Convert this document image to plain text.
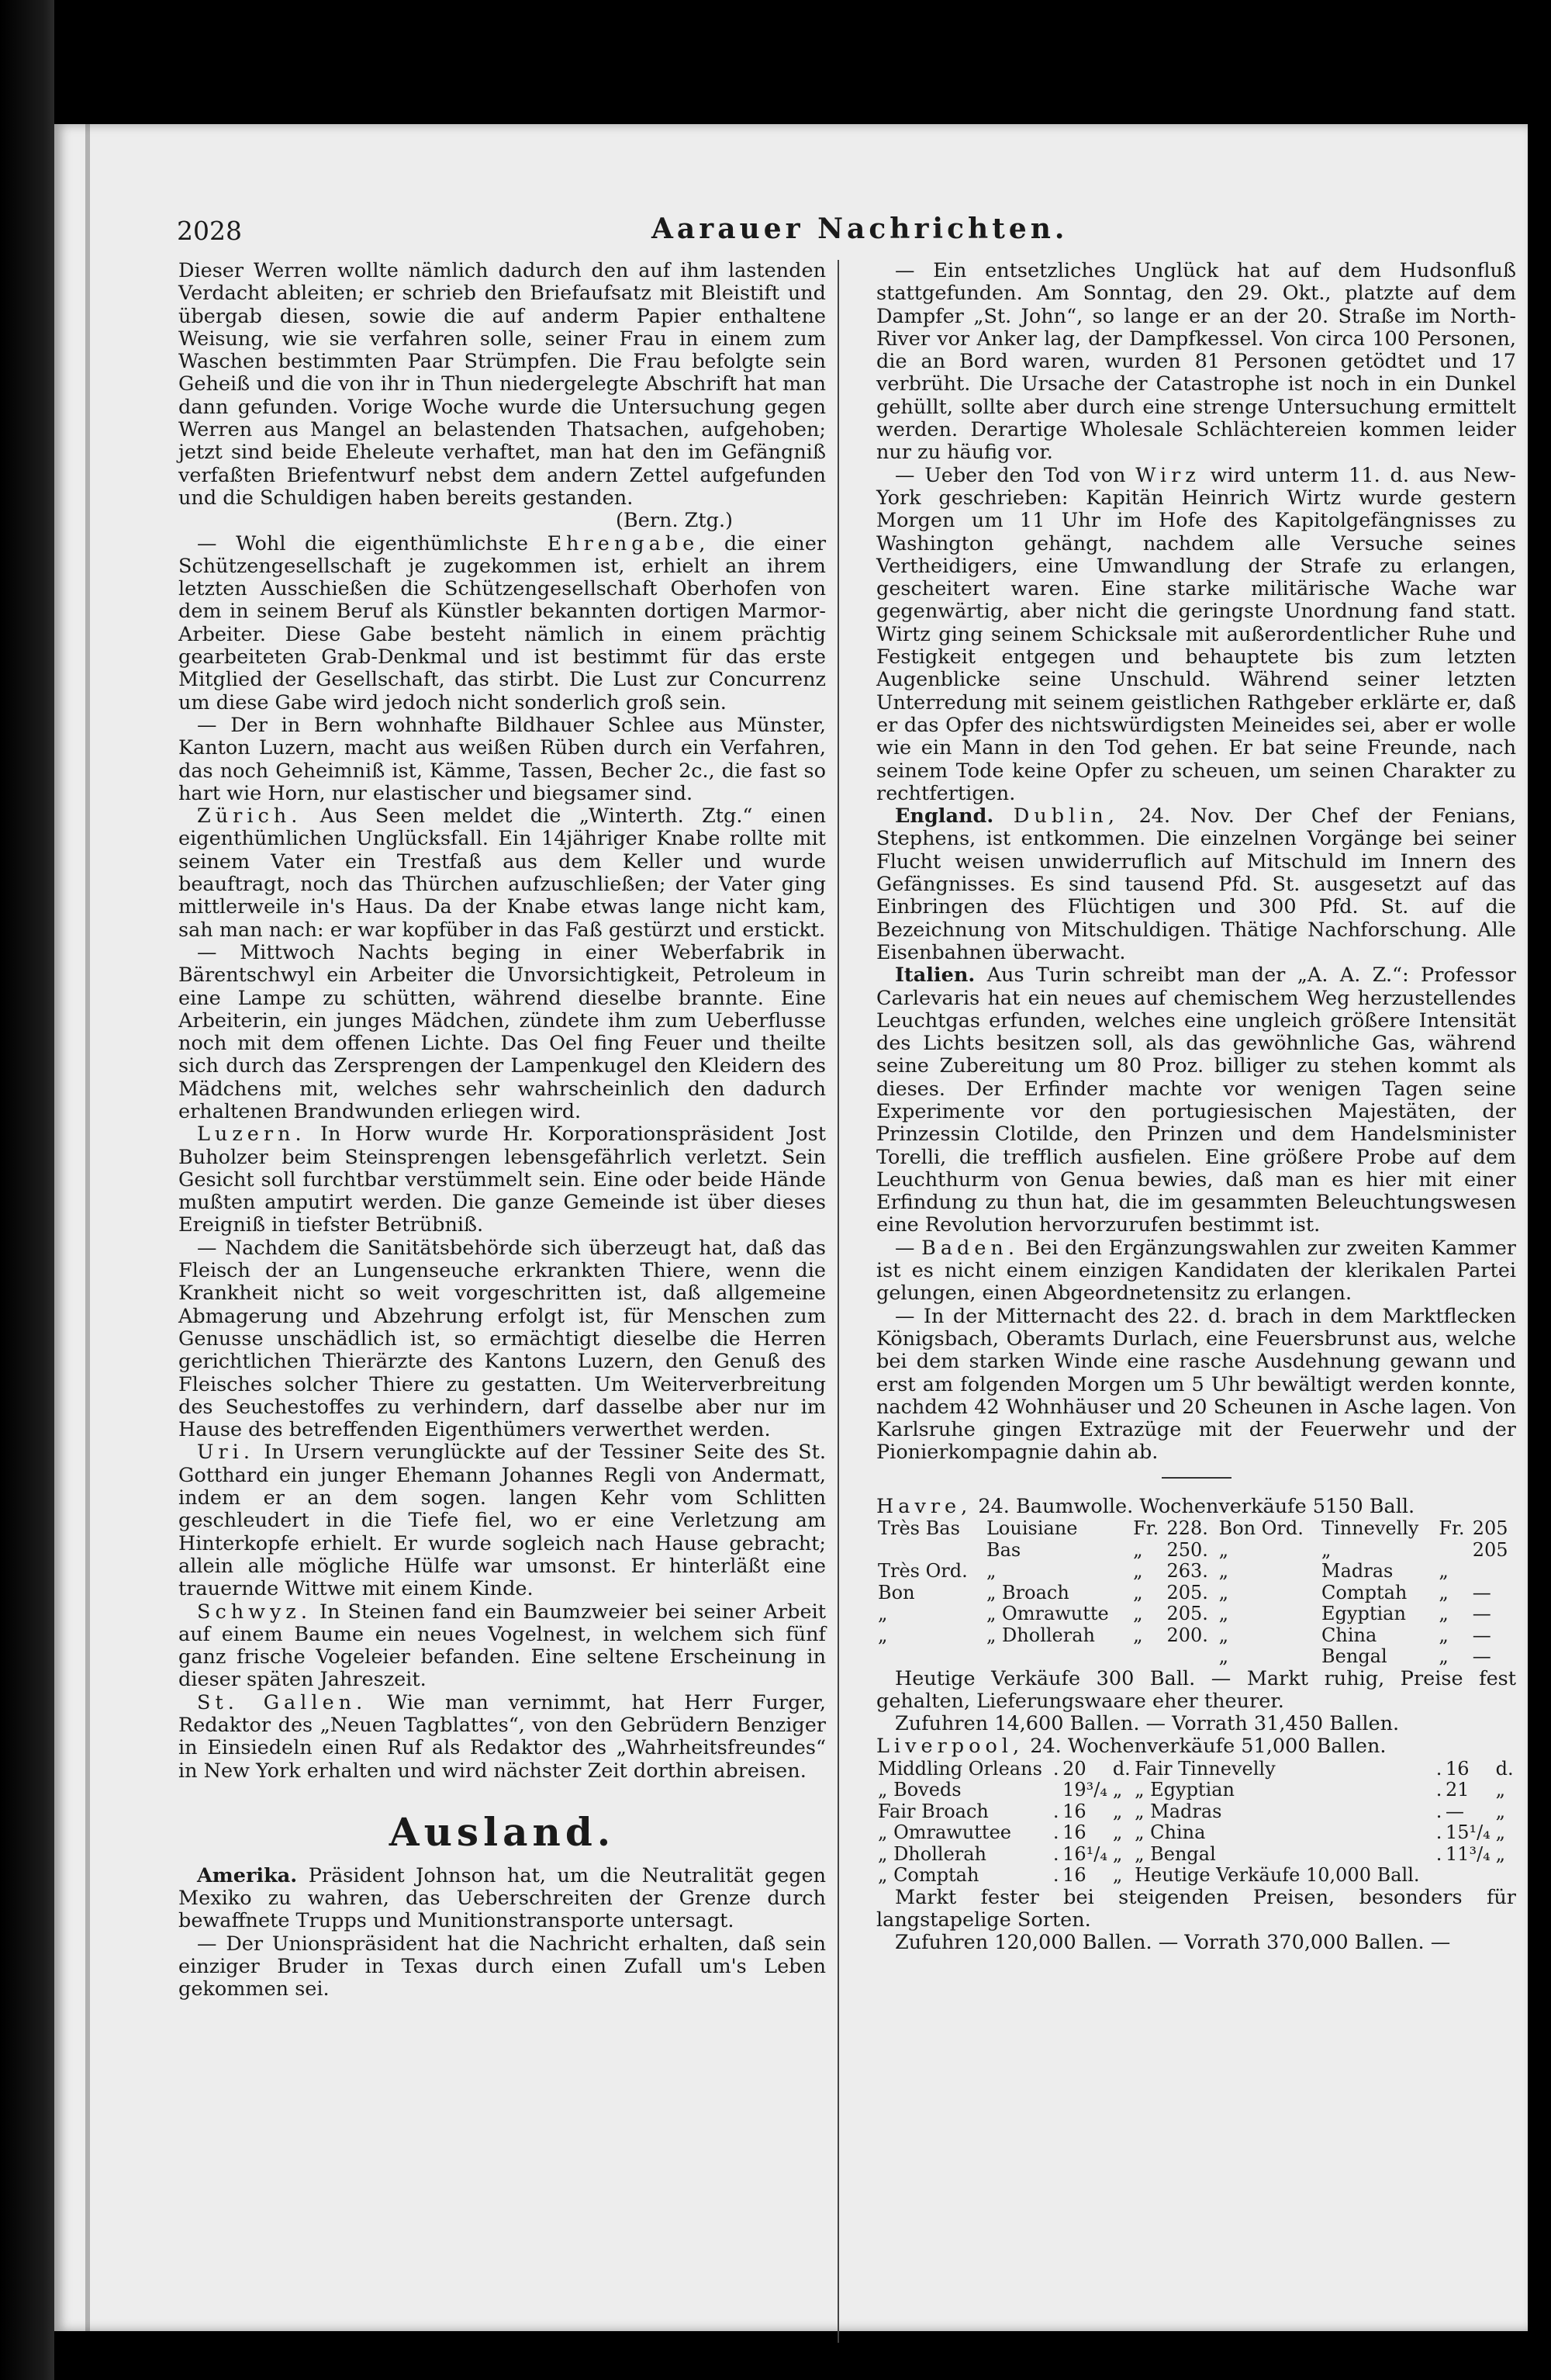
2028	Aarauer Nachrichten.

Dieser Werren wollte nämlich dadurch den auf ihm lastenden Verdacht ableiten; er schrieb den Briefaufsatz mit Bleistift und übergab diesen, sowie die auf anderm Papier enthaltene Weisung, wie sie verfahren solle, seiner Frau in einem zum Waschen bestimmten Paar Strümpfen. Die Frau befolgte sein Geheiß und die von ihr in Thun niedergelegte Abschrift hat man dann gefunden. Vorige Woche wurde die Untersuchung gegen Werren aus Mangel an belastenden Thatsachen, aufgehoben; jetzt sind beide Eheleute verhaftet, man hat den im Gefängniß verfaßten Briefentwurf nebst dem andern Zettel aufgefunden und die Schuldigen haben bereits gestanden.

(Bern. Ztg.)

— Wohl die eigenthümlichste Ehrengabe, die einer Schützengesellschaft je zugekommen ist, erhielt an ihrem letzten Ausschießen die Schützengesellschaft Oberhofen von dem in seinem Beruf als Künstler bekannten dortigen Marmor-Arbeiter. Diese Gabe besteht nämlich in einem prächtig gearbeiteten Grab-Denkmal und ist bestimmt für das erste Mitglied der Gesellschaft, das stirbt. Die Lust zur Concurrenz um diese Gabe wird jedoch nicht sonderlich groß sein.

— Der in Bern wohnhafte Bildhauer Schlee aus Münster, Kanton Luzern, macht aus weißen Rüben durch ein Verfahren, das noch Geheimniß ist, Kämme, Tassen, Becher 2c., die fast so hart wie Horn, nur elastischer und biegsamer sind.

Zürich. Aus Seen meldet die „Winterth. Ztg.“ einen eigenthümlichen Unglücksfall. Ein 14jähriger Knabe rollte mit seinem Vater ein Trestfaß aus dem Keller und wurde beauftragt, noch das Thürchen aufzuschließen; der Vater ging mittlerweile in's Haus. Da der Knabe etwas lange nicht kam, sah man nach: er war kopfüber in das Faß gestürzt und erstickt.

— Mittwoch Nachts beging in einer Weberfabrik in Bärentschwyl ein Arbeiter die Unvorsichtigkeit, Petroleum in eine Lampe zu schütten, während dieselbe brannte. Eine Arbeiterin, ein junges Mädchen, zündete ihm zum Ueberflusse noch mit dem offenen Lichte. Das Oel fing Feuer und theilte sich durch das Zersprengen der Lampenkugel den Kleidern des Mädchens mit, welches sehr wahrscheinlich den dadurch erhaltenen Brandwunden erliegen wird.

Luzern. In Horw wurde Hr. Korporationspräsident Jost Buholzer beim Steinsprengen lebensgefährlich verletzt. Sein Gesicht soll furchtbar verstümmelt sein. Eine oder beide Hände mußten amputirt werden. Die ganze Gemeinde ist über dieses Ereigniß in tiefster Betrübniß.

— Nachdem die Sanitätsbehörde sich überzeugt hat, daß das Fleisch der an Lungenseuche erkrankten Thiere, wenn die Krankheit nicht so weit vorgeschritten ist, daß allgemeine Abmagerung und Abzehrung erfolgt ist, für Menschen zum Genusse unschädlich ist, so ermächtigt dieselbe die Herren gerichtlichen Thierärzte des Kantons Luzern, den Genuß des Fleisches solcher Thiere zu gestatten. Um Weiterverbreitung des Seuchestoffes zu verhindern, darf dasselbe aber nur im Hause des betreffenden Eigenthümers verwerthet werden.

Uri. In Ursern verunglückte auf der Tessiner Seite des St. Gotthard ein junger Ehemann Johannes Regli von Andermatt, indem er an dem sogen. langen Kehr vom Schlitten geschleudert in die Tiefe fiel, wo er eine Verletzung am Hinterkopfe erhielt. Er wurde sogleich nach Hause gebracht; allein alle mögliche Hülfe war umsonst. Er hinterläßt eine trauernde Wittwe mit einem Kinde.

Schwyz. In Steinen fand ein Baumzweier bei seiner Arbeit auf einem Baume ein neues Vogelnest, in welchem sich fünf ganz frische Vogeleier befanden. Eine seltene Erscheinung in dieser späten Jahreszeit.

St. Gallen. Wie man vernimmt, hat Herr Furger, Redaktor des „Neuen Tagblattes“, von den Gebrüdern Benziger in Einsiedeln einen Ruf als Redaktor des „Wahrheitsfreundes“ in New York erhalten und wird nächster Zeit dorthin abreisen.

Ausland.

Amerika. Präsident Johnson hat, um die Neutralität gegen Mexiko zu wahren, das Ueberschreiten der Grenze durch bewaffnete Trupps und Munitionstransporte untersagt.

— Der Unionspräsident hat die Nachricht erhalten, daß sein einziger Bruder in Texas durch einen Zufall um's Leben gekommen sei.

— Ein entsetzliches Unglück hat auf dem Hudsonfluß stattgefunden. Am Sonntag, den 29. Okt., platzte auf dem Dampfer „St. John“, so lange er an der 20. Straße im North-River vor Anker lag, der Dampfkessel. Von circa 100 Personen, die an Bord waren, wurden 81 Personen getödtet und 17 verbrüht. Die Ursache der Catastrophe ist noch in ein Dunkel gehüllt, sollte aber durch eine strenge Untersuchung ermittelt werden. Derartige Wholesale Schlächtereien kommen leider nur zu häufig vor.

— Ueber den Tod von Wirz wird unterm 11. d. aus New-York geschrieben: Kapitän Heinrich Wirtz wurde gestern Morgen um 11 Uhr im Hofe des Kapitolgefängnisses zu Washington gehängt, nachdem alle Versuche seines Vertheidigers, eine Umwandlung der Strafe zu erlangen, gescheitert waren. Eine starke militärische Wache war gegenwärtig, aber nicht die geringste Unordnung fand statt. Wirtz ging seinem Schicksale mit außerordentlicher Ruhe und Festigkeit entgegen und behauptete bis zum letzten Augenblicke seine Unschuld. Während seiner letzten Unterredung mit seinem geistlichen Rathgeber erklärte er, daß er das Opfer des nichtswürdigsten Meineides sei, aber er wolle wie ein Mann in den Tod gehen. Er bat seine Freunde, nach seinem Tode keine Opfer zu scheuen, um seinen Charakter zu rechtfertigen.

England. Dublin, 24. Nov. Der Chef der Fenians, Stephens, ist entkommen. Die einzelnen Vorgänge bei seiner Flucht weisen unwiderruflich auf Mitschuld im Innern des Gefängnisses. Es sind tausend Pfd. St. ausgesetzt auf das Einbringen des Flüchtigen und 300 Pfd. St. auf die Bezeichnung von Mitschuldigen. Thätige Nachforschung. Alle Eisenbahnen überwacht.

Italien. Aus Turin schreibt man der „A. A. Z.“: Professor Carlevaris hat ein neues auf chemischem Weg herzustellendes Leuchtgas erfunden, welches eine ungleich größere Intensität des Lichts besitzen soll, als das gewöhnliche Gas, während seine Zubereitung um 80 Proz. billiger zu stehen kommt als dieses. Der Erfinder machte vor wenigen Tagen seine Experimente vor den portugiesischen Majestäten, der Prinzessin Clotilde, den Prinzen und dem Handelsminister Torelli, die trefflich ausfielen. Eine größere Probe auf dem Leuchthurm von Genua bewies, daß man es hier mit einer Erfindung zu thun hat, die im gesammten Beleuchtungswesen eine Revolution hervorzurufen bestimmt ist.

— Baden. Bei den Ergänzungswahlen zur zweiten Kammer ist es nicht einem einzigen Kandidaten der klerikalen Partei gelungen, einen Abgeordnetensitz zu erlangen.

— In der Mitternacht des 22. d. brach in dem Marktflecken Königsbach, Oberamts Durlach, eine Feuersbrunst aus, welche bei dem starken Winde eine rasche Ausdehnung gewann und erst am folgenden Morgen um 5 Uhr bewältigt werden konnte, nachdem 42 Wohnhäuser und 20 Scheunen in Asche lagen. Von Karlsruhe gingen Extrazüge mit der Feuerwehr und der Pionierkompagnie dahin ab.

Havre, 24. Baumwolle. Wochenverkäufe 5150 Ball.

Très Bas	Louisiane	Fr.	228.	Bon Ord.	Tinnevelly	Fr.	205
	Bas	„	250.	„	„		205
Très Ord.	„	„	263.	„	Madras	„	
Bon	„ Broach	„	205.	„	Comptah	„	—
„	„ Omrawutte	„	205.	„	Egyptian	„	—
„	„ Dhollerah	„	200.	„	China	„	—
				„	Bengal	„	—

Heutige Verkäufe 300 Ball. — Markt ruhig, Preise fest gehalten, Lieferungswaare eher theurer.

Zufuhren 14,600 Ballen. — Vorrath 31,450 Ballen.

Liverpool, 24. Wochenverkäufe 51,000 Ballen.

Middling Orleans	.	20	d.	Fair Tinnevelly	.	16	d.
„ Boveds		19³/₄	„	„ Egyptian	.	21	„
Fair Broach	.	16	„	„ Madras	.	—	„
„ Omrawuttee	.	16	„	„ China	.	15¹/₄	„
„ Dhollerah	.	16¹/₄	„	„ Bengal	.	11³/₄	„
„ Comptah	.	16	„	Heutige Verkäufe 10,000 Ball.			

Markt fester bei steigenden Preisen, besonders für langstapelige Sorten.

Zufuhren 120,000 Ballen. — Vorrath 370,000 Ballen. —
